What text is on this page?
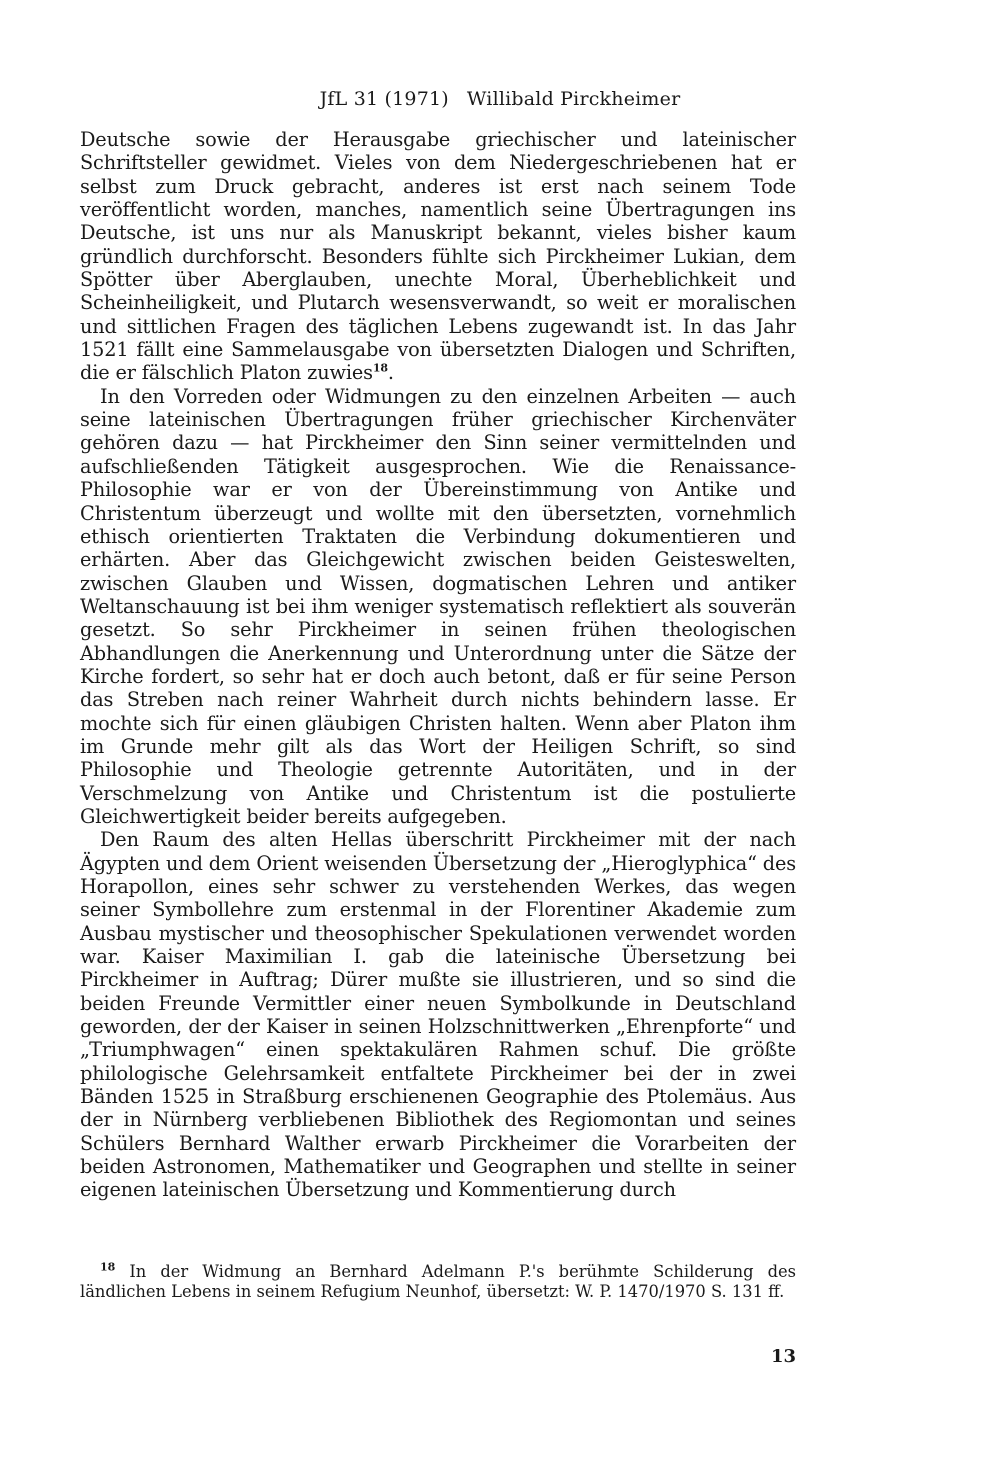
JfL 31 (1971) Willibald Pirckheimer

Deutsche sowie der Herausgabe griechischer und lateinischer Schriftsteller gewidmet. Vieles von dem Niedergeschriebenen hat er selbst zum Druck gebracht, anderes ist erst nach seinem Tode veröffentlicht worden, manches, namentlich seine Übertragungen ins Deutsche, ist uns nur als Manuskript bekannt, vieles bisher kaum gründlich durchforscht. Besonders fühlte sich Pirckheimer Lukian, dem Spötter über Aberglauben, unechte Moral, Überheblichkeit und Scheinheiligkeit, und Plutarch wesensverwandt, so weit er moralischen und sittlichen Fragen des täglichen Lebens zugewandt ist. In das Jahr 1521 fällt eine Sammelausgabe von übersetzten Dialogen und Schriften, die er fälschlich Platon zuwies$^{18}$.

In den Vorreden oder Widmungen zu den einzelnen Arbeiten — auch seine lateinischen Übertragungen früher griechischer Kirchenväter gehören dazu — hat Pirckheimer den Sinn seiner vermittelnden und aufschließenden Tätigkeit ausgesprochen. Wie die Renaissance-Philosophie war er von der Übereinstimmung von Antike und Christentum überzeugt und wollte mit den übersetzten, vornehmlich ethisch orientierten Traktaten die Verbindung dokumentieren und erhärten. Aber das Gleichgewicht zwischen beiden Geisteswelten, zwischen Glauben und Wissen, dogmatischen Lehren und antiker Weltanschauung ist bei ihm weniger systematisch reflektiert als souverän gesetzt. So sehr Pirckheimer in seinen frühen theologischen Abhandlungen die Anerkennung und Unterordnung unter die Sätze der Kirche fordert, so sehr hat er doch auch betont, daß er für seine Person das Streben nach reiner Wahrheit durch nichts behindern lasse. Er mochte sich für einen gläubigen Christen halten. Wenn aber Platon ihm im Grunde mehr gilt als das Wort der Heiligen Schrift, so sind Philosophie und Theologie getrennte Autoritäten, und in der Verschmelzung von Antike und Christentum ist die postulierte Gleichwertigkeit beider bereits aufgegeben.

Den Raum des alten Hellas überschritt Pirckheimer mit der nach Ägypten und dem Orient weisenden Übersetzung der „Hieroglyphica“ des Horapollon, eines sehr schwer zu verstehenden Werkes, das wegen seiner Symbollehre zum erstenmal in der Florentiner Akademie zum Ausbau mystischer und theosophischer Spekulationen verwendet worden war. Kaiser Maximilian I. gab die lateinische Übersetzung bei Pirckheimer in Auftrag; Dürer mußte sie illustrieren, und so sind die beiden Freunde Vermittler einer neuen Symbolkunde in Deutschland geworden, der der Kaiser in seinen Holzschnittwerken „Ehrenpforte“ und „Triumphwagen“ einen spektakulären Rahmen schuf. Die größte philologische Gelehrsamkeit entfaltete Pirckheimer bei der in zwei Bänden 1525 in Straßburg erschienenen Geographie des Ptolemäus. Aus der in Nürnberg verbliebenen Bibliothek des Regiomontan und seines Schülers Bernhard Walther erwarb Pirckheimer die Vorarbeiten der beiden Astronomen, Mathematiker und Geographen und stellte in seiner eigenen lateinischen Übersetzung und Kommentierung durch

$^{18}$ In der Widmung an Bernhard Adelmann P.'s berühmte Schilderung des ländlichen Lebens in seinem Refugium Neunhof, übersetzt: W. P. 1470/1970 S. 131 ff.

13
